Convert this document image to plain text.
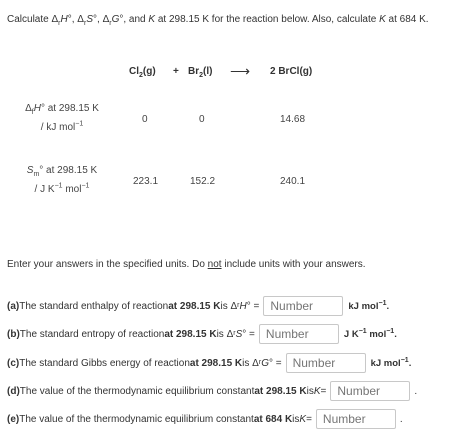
Calculate $\Delta_rH^\circ$, $\Delta_rS^\circ$, $\Delta_rG^\circ$, and K at 298.15 K for the reaction below. Also, calculate K at 684 K.
$Cl_2(g) + Br_2(l)$ ⟶ 2 BrCl(g)
$\Delta_fH^\circ$ at 298.15 K
/ kJ mol$^{-1}$	0	0	14.68
$S_m^\circ$ at 298.15 K
/ J $K^{-1}$ mol$^{-1}$	223.1	152.2	240.1
Enter your answers in the specified units. Do not include units with your answers.
(a) The standard enthalpy of reaction at 298.15 K is Δ r H ° =
Number	kJ mol$^{-1}$.
(b) The standard entropy of reaction at 298.15 K is Δ r S ° =
Number	J $K^{-1}$ mol$^{-1}$.
(c) The standard Gibbs energy of reaction at 298.15 K is Δ r G ° =
Number	kJ mol$^{-1}$.
(d) The value of the thermodynamic equilibrium constant at 298.15 K is K =
Number	.
(e) The value of the thermodynamic equilibrium constant at 684 K is K =
Number	.
